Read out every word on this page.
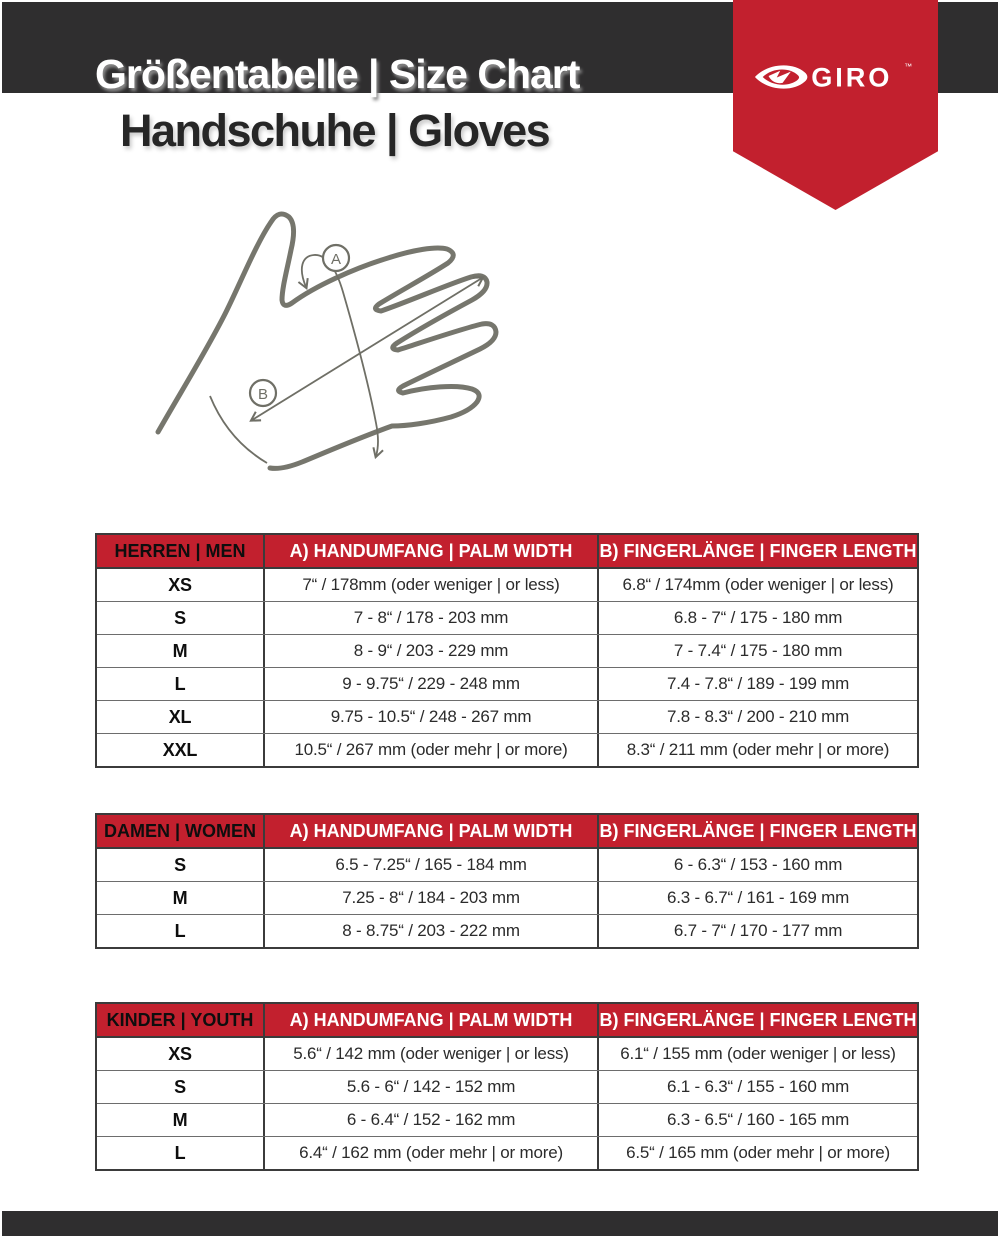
Größentabelle | Size Chart
Handschuhe | Gloves
GIRO ™
A
B
HERREN | MEN	A) HANDUMFANG | PALM WIDTH	B) FINGERLÄNGE | FINGER LENGTH
XS	7“ / 178mm (oder weniger | or less)	6.8“ / 174mm (oder weniger | or less)
S	7 - 8“ / 178 - 203 mm	6.8 - 7“ / 175 - 180 mm
M	8 - 9“ / 203 - 229 mm	7 - 7.4“ / 175 - 180 mm
L	9 - 9.75“ / 229 - 248 mm	7.4 - 7.8“ / 189 - 199 mm
XL	9.75 - 10.5“ / 248 - 267 mm	7.8 - 8.3“ / 200 - 210 mm
XXL	10.5“ / 267 mm (oder mehr | or more)	8.3“ / 211 mm (oder mehr | or more)
DAMEN | WOMEN	A) HANDUMFANG | PALM WIDTH	B) FINGERLÄNGE | FINGER LENGTH
S	6.5 - 7.25“ / 165 - 184 mm	6 - 6.3“ / 153 - 160 mm
M	7.25 - 8“ / 184 - 203 mm	6.3 - 6.7“ / 161 - 169 mm
L	8 - 8.75“ / 203 - 222 mm	6.7 - 7“ / 170 - 177 mm
KINDER | YOUTH	A) HANDUMFANG | PALM WIDTH	B) FINGERLÄNGE | FINGER LENGTH
XS	5.6“ / 142 mm (oder weniger | or less)	6.1“ / 155 mm (oder weniger | or less)
S	5.6 - 6“ / 142 - 152 mm	6.1 - 6.3“ / 155 - 160 mm
M	6 - 6.4“ / 152 - 162 mm	6.3 - 6.5“ / 160 - 165 mm
L	6.4“ / 162 mm (oder mehr | or more)	6.5“ / 165 mm (oder mehr | or more)
